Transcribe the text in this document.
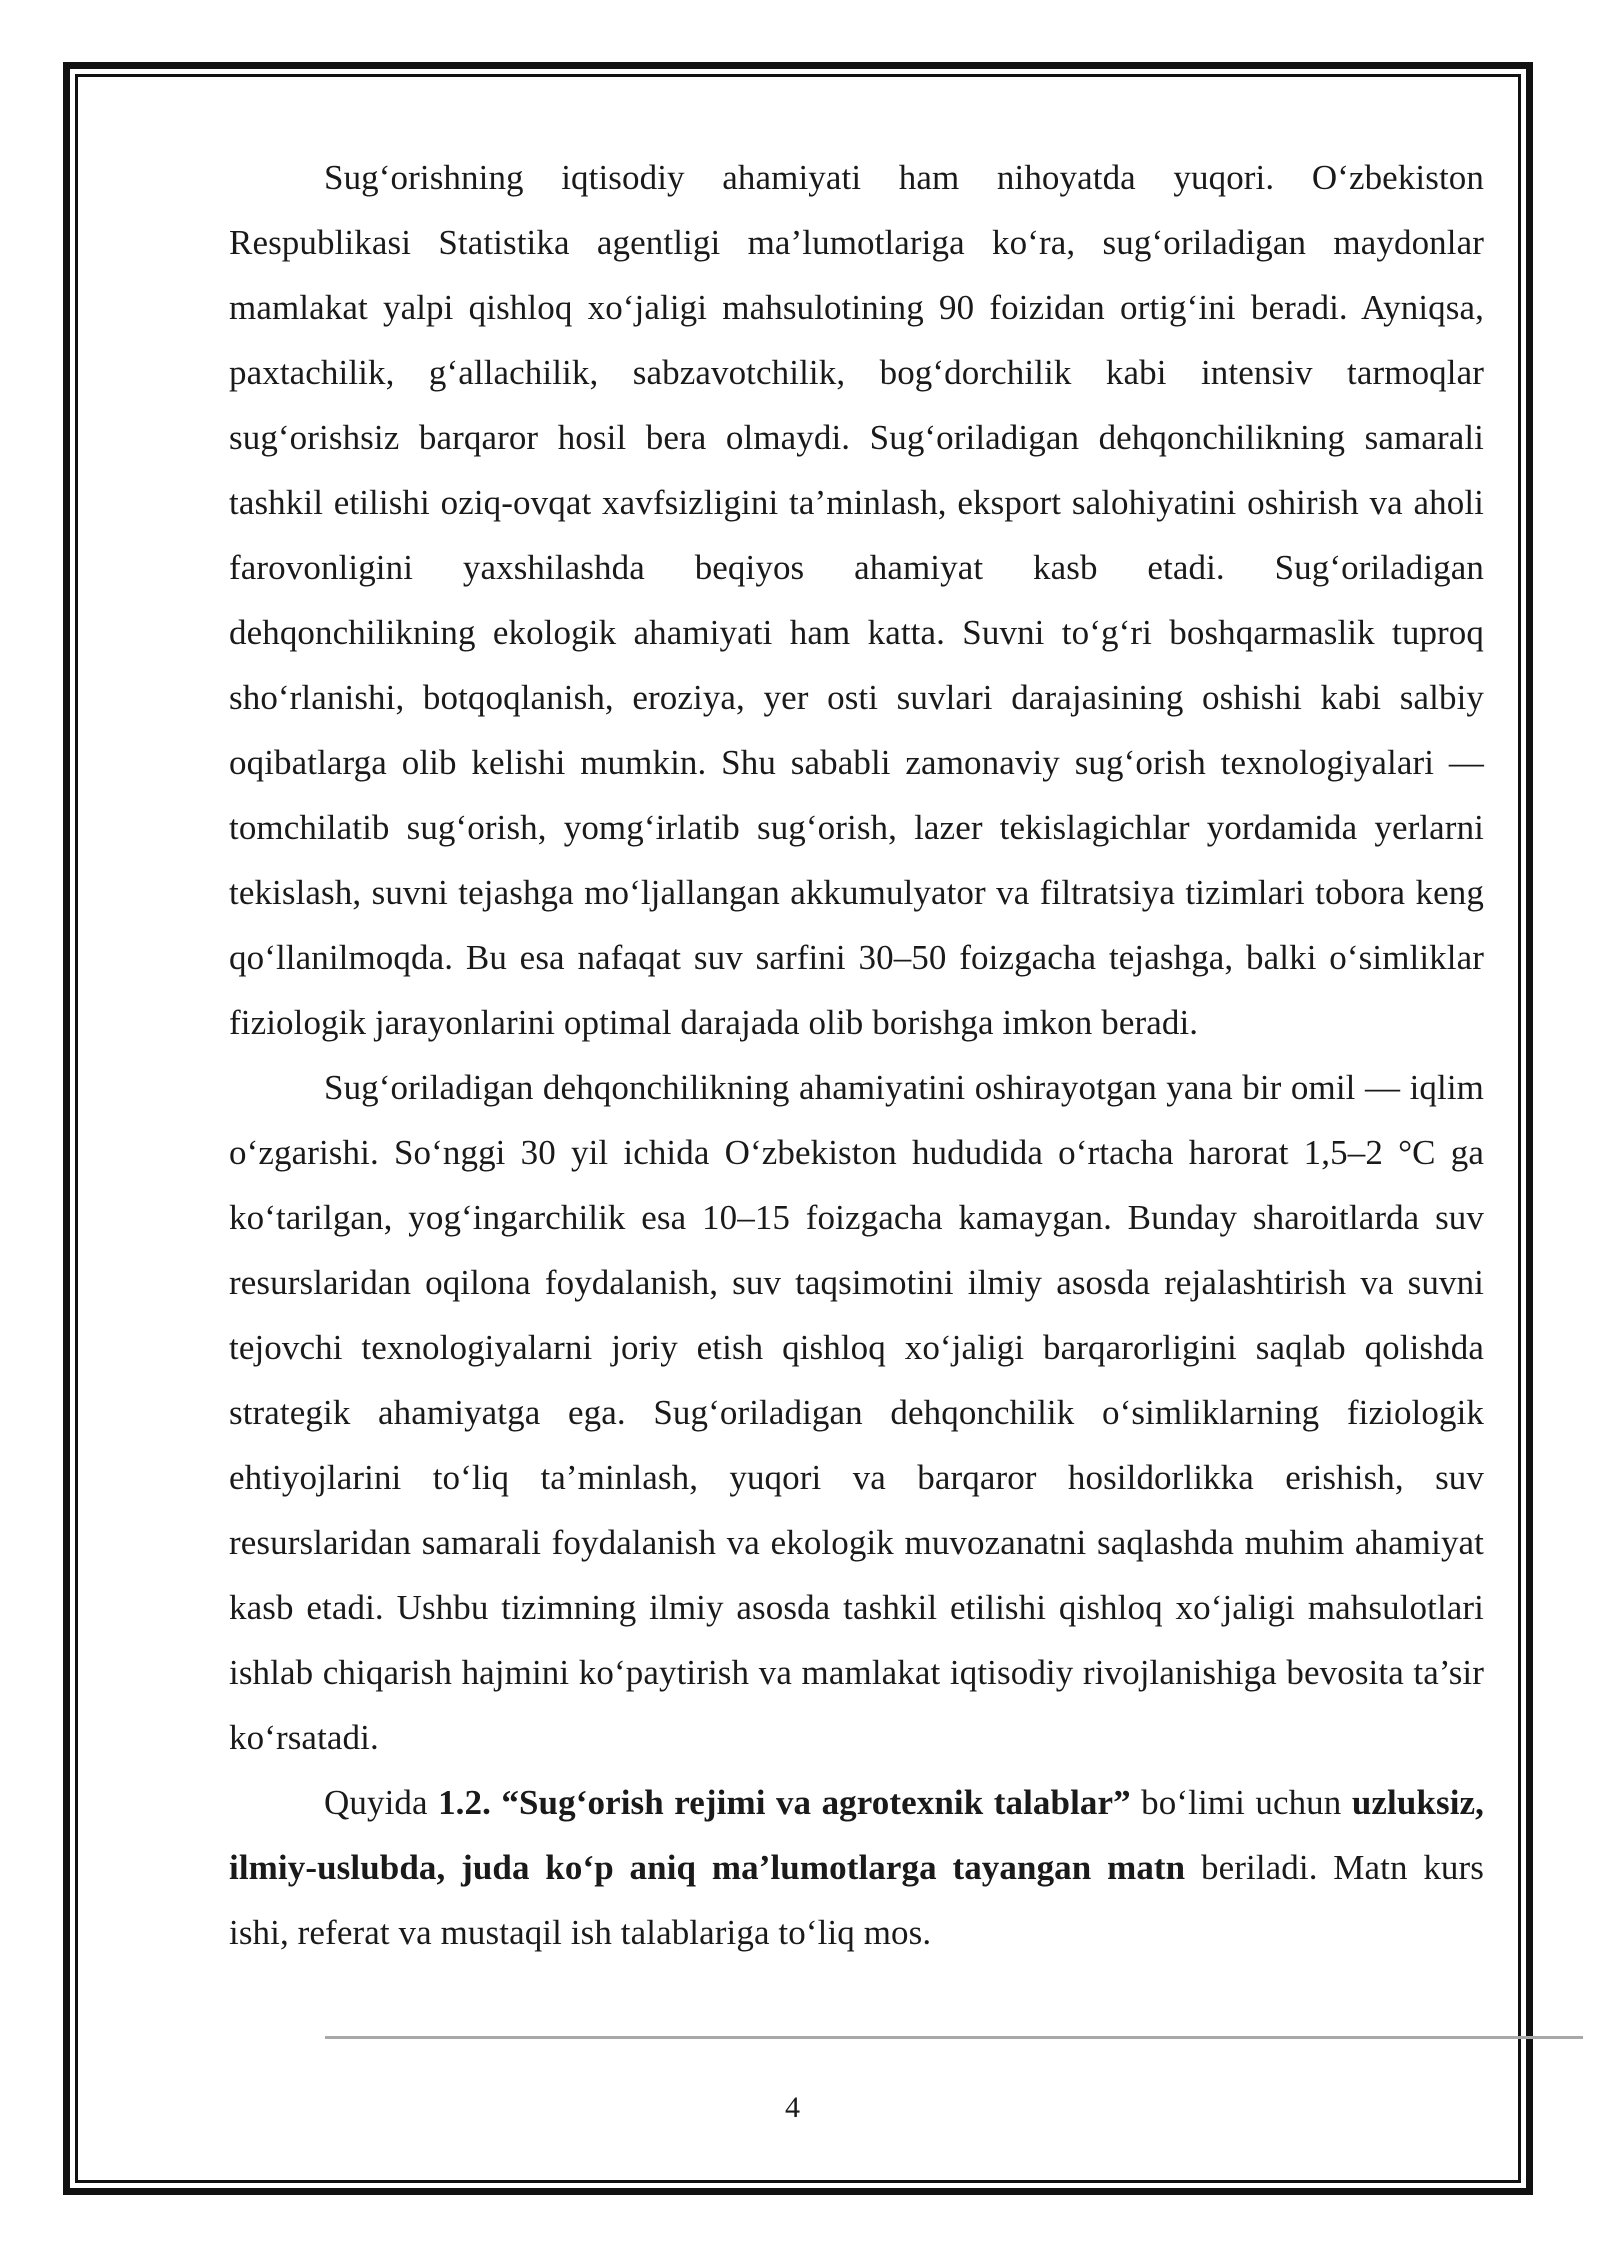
Sug‘orishning iqtisodiy ahamiyati ham nihoyatda yuqori. O‘zbekiston Respublikasi Statistika agentligi ma’lumotlariga ko‘ra, sug‘oriladigan maydonlar mamlakat yalpi qishloq xo‘jaligi mahsulotining 90 foizidan ortig‘ini beradi. Ayniqsa, paxtachilik, g‘allachilik, sabzavotchilik, bog‘dorchilik kabi intensiv tarmoqlar sug‘orishsiz barqaror hosil bera olmaydi. Sug‘oriladigan dehqonchilikning samarali tashkil etilishi oziq-ovqat xavfsizligini ta’minlash, eksport salohiyatini oshirish va aholi farovonligini yaxshilashda beqiyos ahamiyat kasb etadi. Sug‘oriladigan dehqonchilikning ekologik ahamiyati ham katta. Suvni to‘g‘ri boshqarmaslik tuproq sho‘rlanishi, botqoqlanish, eroziya, yer osti suvlari darajasining oshishi kabi salbiy oqibatlarga olib kelishi mumkin. Shu sababli zamonaviy sug‘orish texnologiyalari — tomchilatib sug‘orish, yomg‘irlatib sug‘orish, lazer tekislagichlar yordamida yerlarni tekislash, suvni tejashga mo‘ljallangan akkumulyator va filtratsiya tizimlari tobora keng qo‘llanilmoqda. Bu esa nafaqat suv sarfini 30–50 foizgacha tejashga, balki o‘simliklar fiziologik jarayonlarini optimal darajada olib borishga imkon beradi.

Sug‘oriladigan dehqonchilikning ahamiyatini oshirayotgan yana bir omil — iqlim o‘zgarishi. So‘nggi 30 yil ichida O‘zbekiston hududida o‘rtacha harorat 1,5–2 °C ga ko‘tarilgan, yog‘ingarchilik esa 10–15 foizgacha kamaygan. Bunday sharoitlarda suv resurslaridan oqilona foydalanish, suv taqsimotini ilmiy asosda rejalashtirish va suvni tejovchi texnologiyalarni joriy etish qishloq xo‘jaligi barqarorligini saqlab qolishda strategik ahamiyatga ega. Sug‘oriladigan dehqonchilik o‘simliklarning fiziologik ehtiyojlarini to‘liq ta’minlash, yuqori va barqaror hosildorlikka erishish, suv resurslaridan samarali foydalanish va ekologik muvozanatni saqlashda muhim ahamiyat kasb etadi. Ushbu tizimning ilmiy asosda tashkil etilishi qishloq xo‘jaligi mahsulotlari ishlab chiqarish hajmini ko‘paytirish va mamlakat iqtisodiy rivojlanishiga bevosita ta’sir ko‘rsatadi.

Quyida 1.2. “Sug‘orish rejimi va agrotexnik talablar” bo‘limi uchun uzluksiz, ilmiy-uslubda, juda ko‘p aniq ma’lumotlarga tayangan matn beriladi. Matn kurs ishi, referat va mustaqil ish talablariga to‘liq mos.

4
